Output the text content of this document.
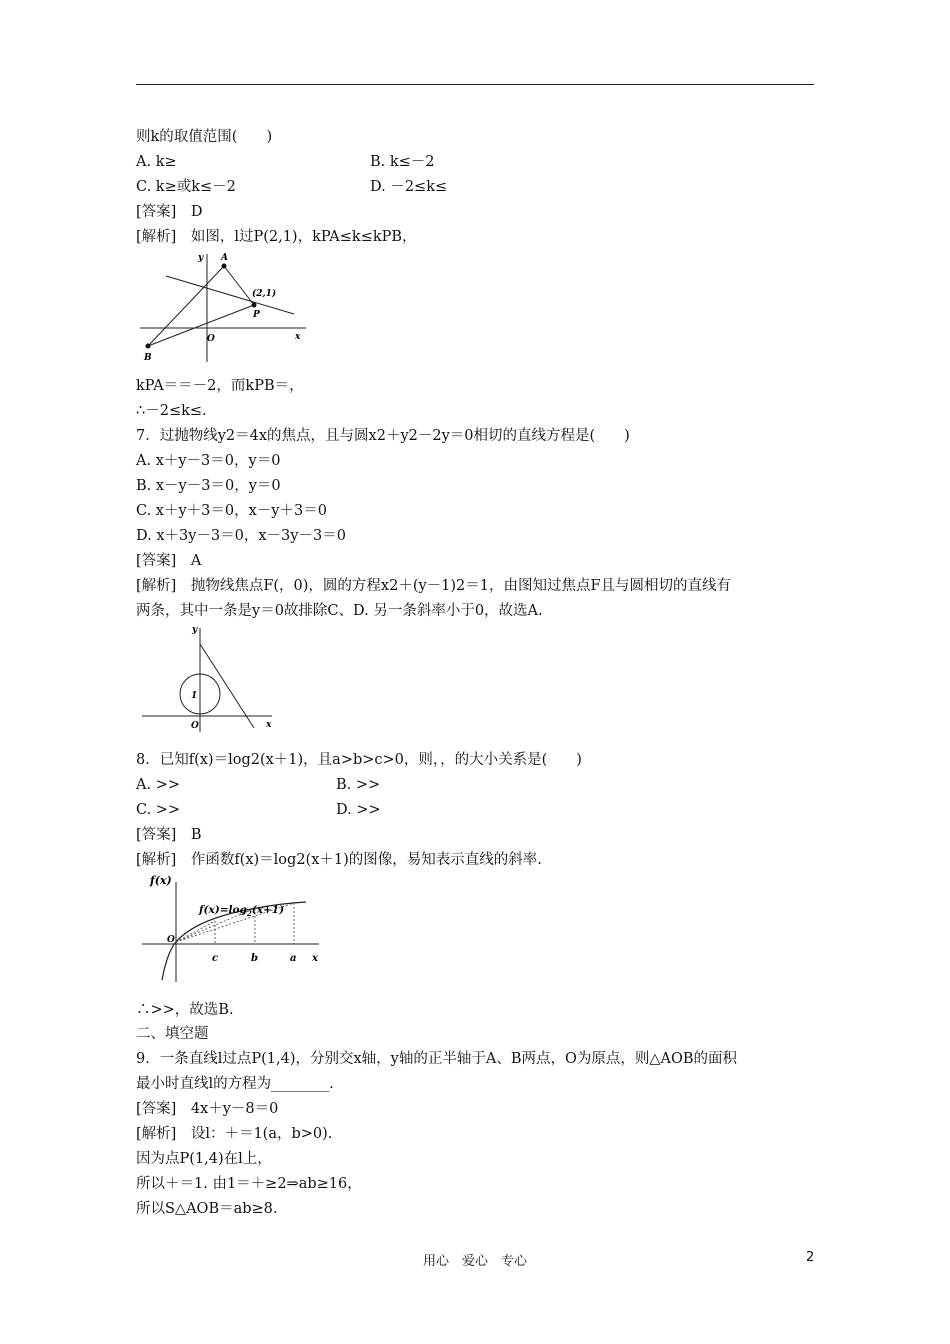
则k的取值范围(　　)
A. k≥	B. k≤－2
C. k≥或k≤－2	D. －2≤k≤
[答案]　D
[解析]　如图，l过P(2,1)，kPA≤k≤kPB，
y A
(2,1)
P
O	x
B
kPA＝＝－2，而kPB＝，
∴－2≤k≤.
7．过抛物线y2＝4x的焦点，且与圆x2＋y2－2y＝0相切的直线方程是(　　)
A. x＋y－3＝0，y＝0
B. x－y－3＝0，y＝0
C. x＋y＋3＝0，x－y＋3＝0
D. x＋3y－3＝0，x－3y－3＝0
[答案]　A
[解析]　抛物线焦点F(，0)，圆的方程x2＋(y－1)2＝1，由图知过焦点F且与圆相切的直线有
两条，其中一条是y＝0故排除C、D. 另一条斜率小于0，故选A.
y
1
O	x
8．已知f(x)＝log2(x＋1)，且a>b>c>0，则，，的大小关系是(　　)
A. >>	B. >>
C. >>	D. >>
[答案]　B
[解析]　作函数f(x)＝log2(x＋1)的图像，易知表示直线的斜率.
f(x)
$f(x)=\log_2(x+1)$
O
c	b	a x
∴>>，故选B.
二、填空题
9．一条直线l过点P(1,4)，分别交x轴，y轴的正半轴于A、B两点，O为原点，则△AOB的面积
最小时直线l的方程为________.
[答案]　4x＋y－8＝0
[解析]　设l：＋＝1(a，b>0).
因为点P(1,4)在l上，
所以＋＝1. 由1＝＋≥2⇒ab≥16，
所以S△AOB＝ab≥8.
用心　爱心　专心	2
